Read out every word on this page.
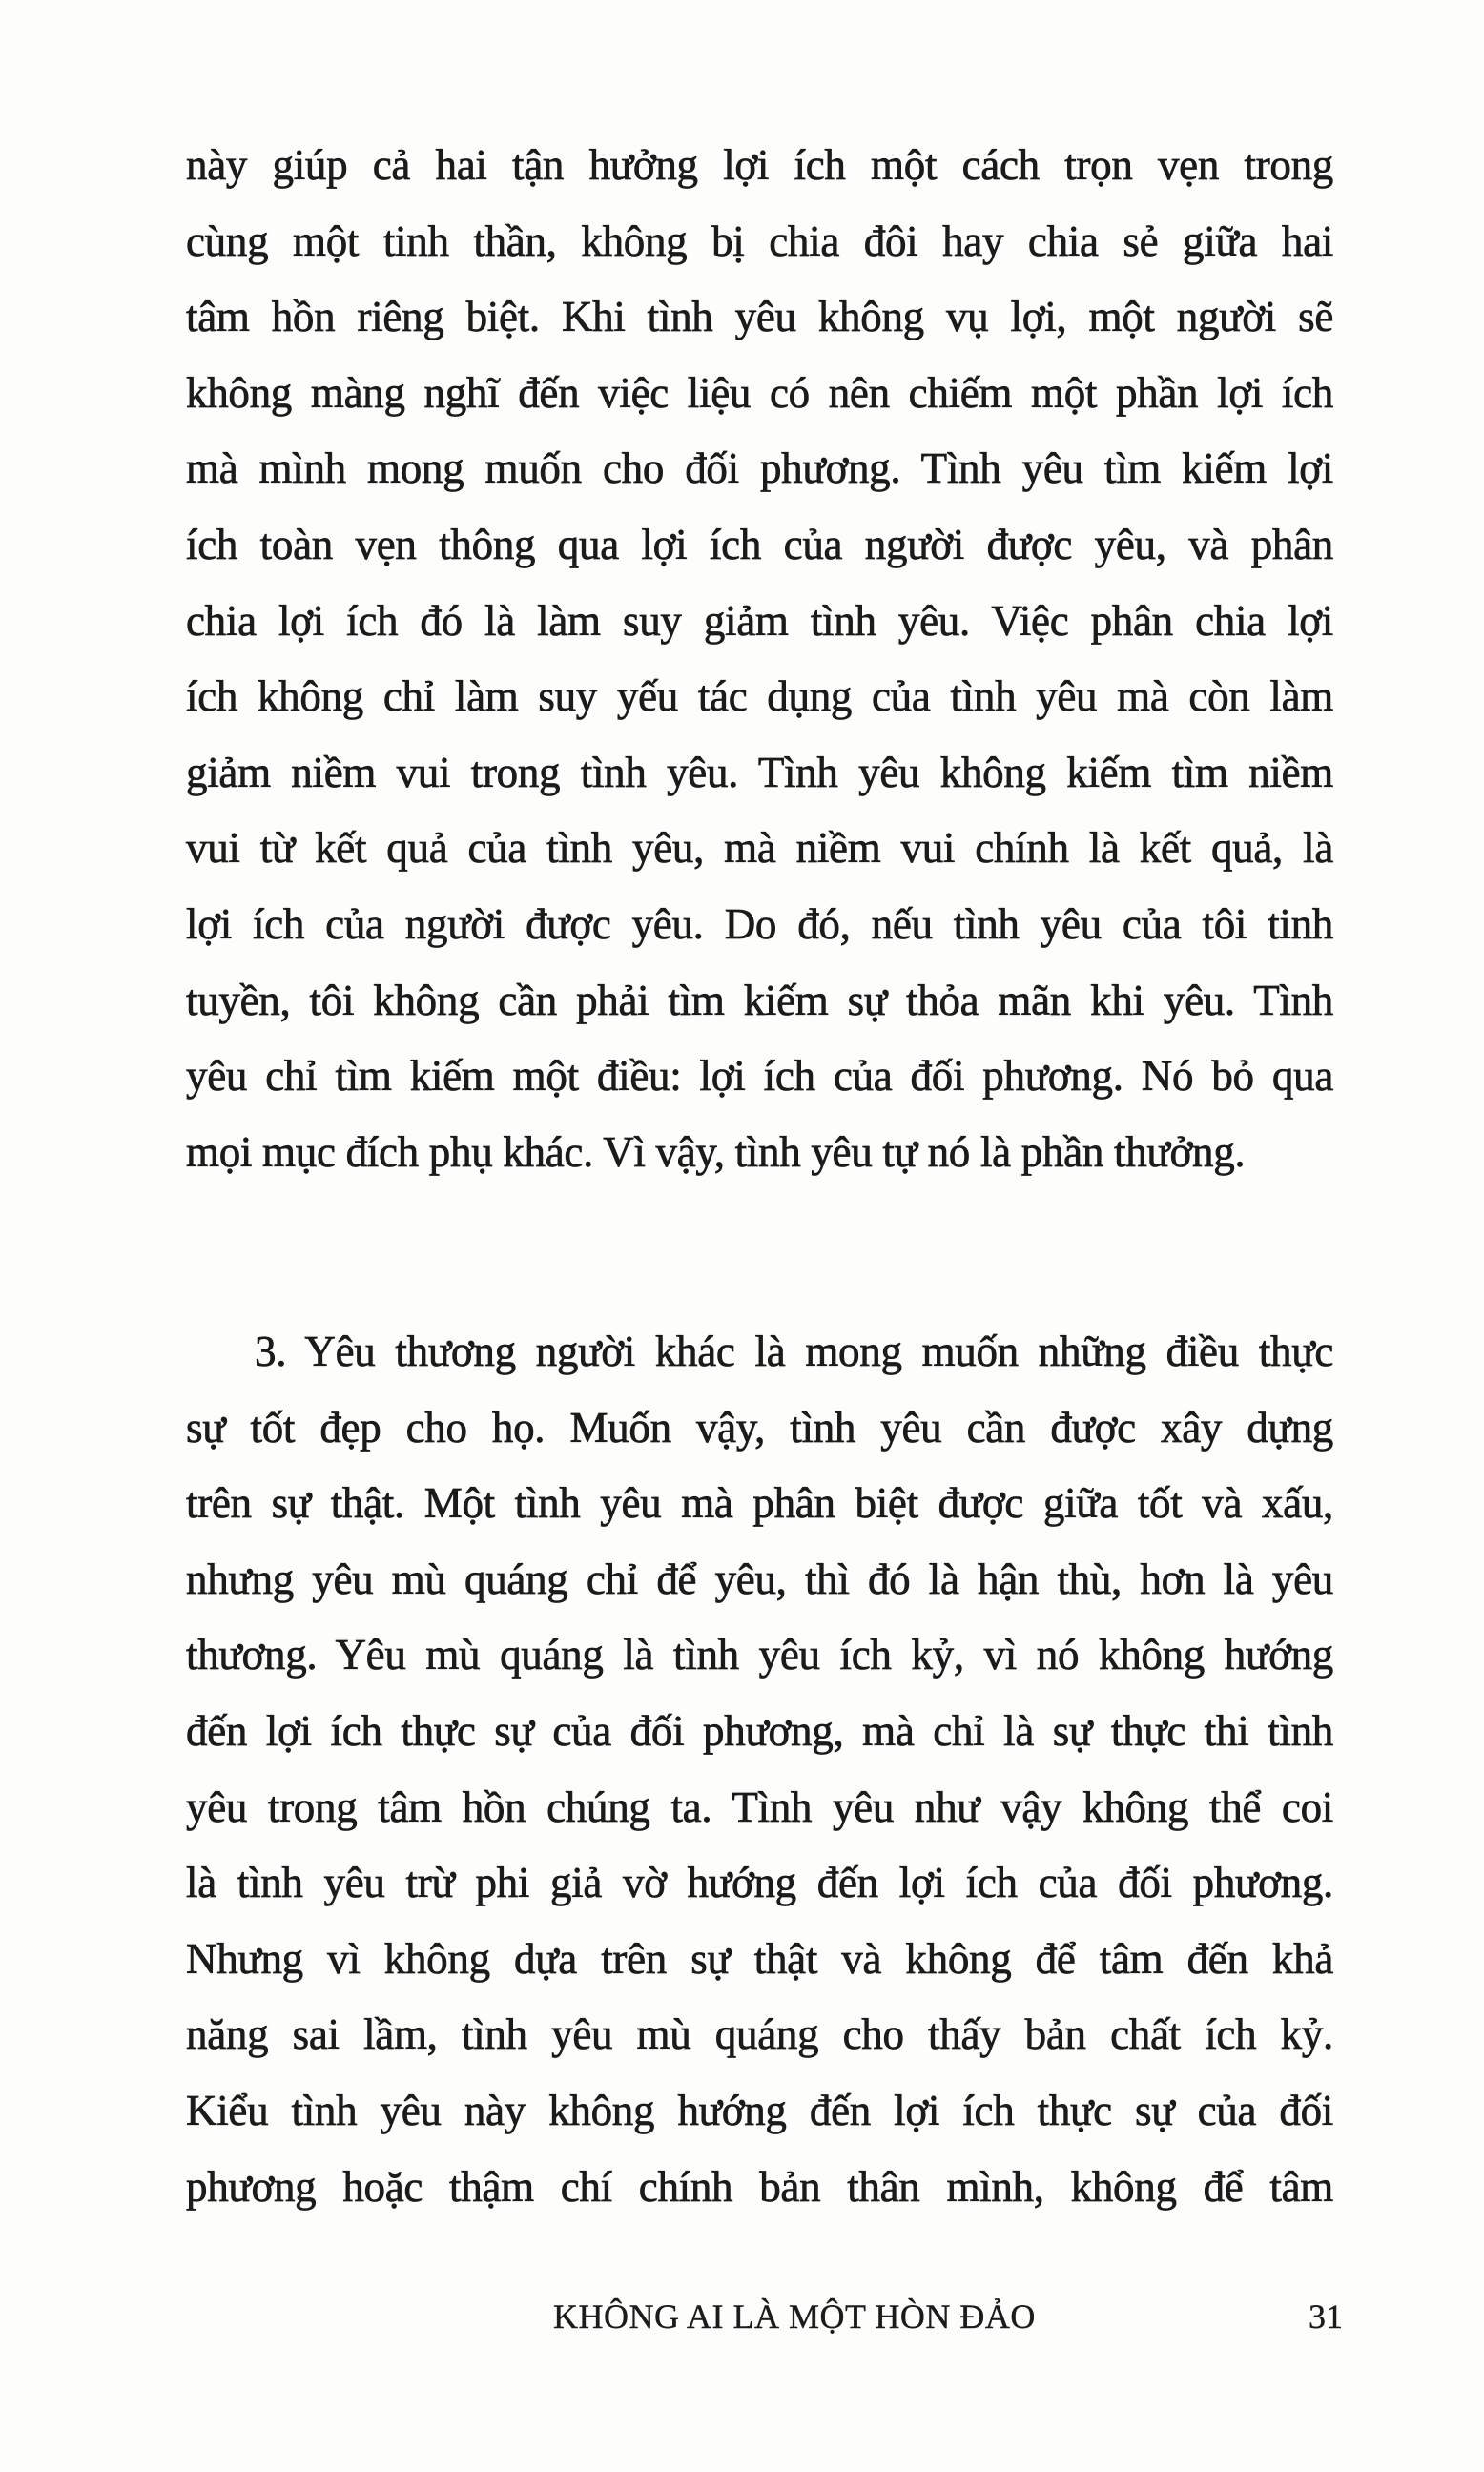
này giúp cả hai tận hưởng lợi ích một cách trọn vẹn trong
cùng một tinh thần, không bị chia đôi hay chia sẻ giữa hai
tâm hồn riêng biệt. Khi tình yêu không vụ lợi, một người sẽ
không màng nghĩ đến việc liệu có nên chiếm một phần lợi ích
mà mình mong muốn cho đối phương. Tình yêu tìm kiếm lợi
ích toàn vẹn thông qua lợi ích của người được yêu, và phân
chia lợi ích đó là làm suy giảm tình yêu. Việc phân chia lợi
ích không chỉ làm suy yếu tác dụng của tình yêu mà còn làm
giảm niềm vui trong tình yêu. Tình yêu không kiếm tìm niềm
vui từ kết quả của tình yêu, mà niềm vui chính là kết quả, là
lợi ích của người được yêu. Do đó, nếu tình yêu của tôi tinh
tuyền, tôi không cần phải tìm kiếm sự thỏa mãn khi yêu. Tình
yêu chỉ tìm kiếm một điều: lợi ích của đối phương. Nó bỏ qua
mọi mục đích phụ khác. Vì vậy, tình yêu tự nó là phần thưởng.
3. Yêu thương người khác là mong muốn những điều thực
sự tốt đẹp cho họ. Muốn vậy, tình yêu cần được xây dựng
trên sự thật. Một tình yêu mà phân biệt được giữa tốt và xấu,
nhưng yêu mù quáng chỉ để yêu, thì đó là hận thù, hơn là yêu
thương. Yêu mù quáng là tình yêu ích kỷ, vì nó không hướng
đến lợi ích thực sự của đối phương, mà chỉ là sự thực thi tình
yêu trong tâm hồn chúng ta. Tình yêu như vậy không thể coi
là tình yêu trừ phi giả vờ hướng đến lợi ích của đối phương.
Nhưng vì không dựa trên sự thật và không để tâm đến khả
năng sai lầm, tình yêu mù quáng cho thấy bản chất ích kỷ.
Kiểu tình yêu này không hướng đến lợi ích thực sự của đối
phương hoặc thậm chí chính bản thân mình, không để tâm
KHÔNG AI LÀ MỘT HÒN ĐẢO	31
